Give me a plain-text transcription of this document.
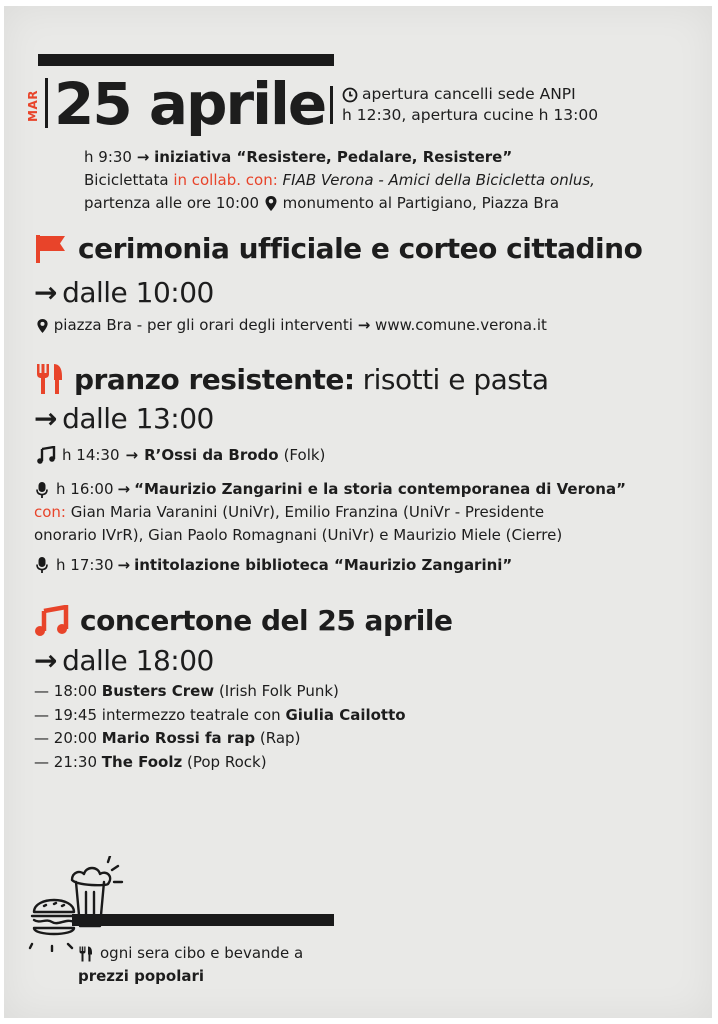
MAR 25 aprile	apertura cancelli sede ANPI
h 12:30, apertura cucine h 13:00
h 9:30 → iniziativa “Resistere, Pedalare, Resistere”
Biciclettata in collab. con: FIAB Verona - Amici della Bicicletta onlus,
partenza alle ore 10:00 monumento al Partigiano, Piazza Bra
cerimonia ufficiale e corteo cittadino
→ dalle 10:00
piazza Bra - per gli orari degli interventi → www.comune.verona.it
pranzo resistente: risotti e pasta
→ dalle 13:00
h 14:30 → R’Ossi da Brodo (Folk)
h 16:00 → “Maurizio Zangarini e la storia contemporanea di Verona”
con: Gian Maria Varanini (UniVr), Emilio Franzina (UniVr - Presidente
onorario IVrR), Gian Paolo Romagnani (UniVr) e Maurizio Miele (Cierre)
h 17:30 → intitolazione biblioteca “Maurizio Zangarini”
concertone del 25 aprile
→ dalle 18:00
— 18:00 Busters Crew (Irish Folk Punk)
— 19:45 intermezzo teatrale con Giulia Cailotto
— 20:00 Mario Rossi fa rap (Rap)
— 21:30 The Foolz (Pop Rock)
ogni sera cibo e bevande a
prezzi popolari
